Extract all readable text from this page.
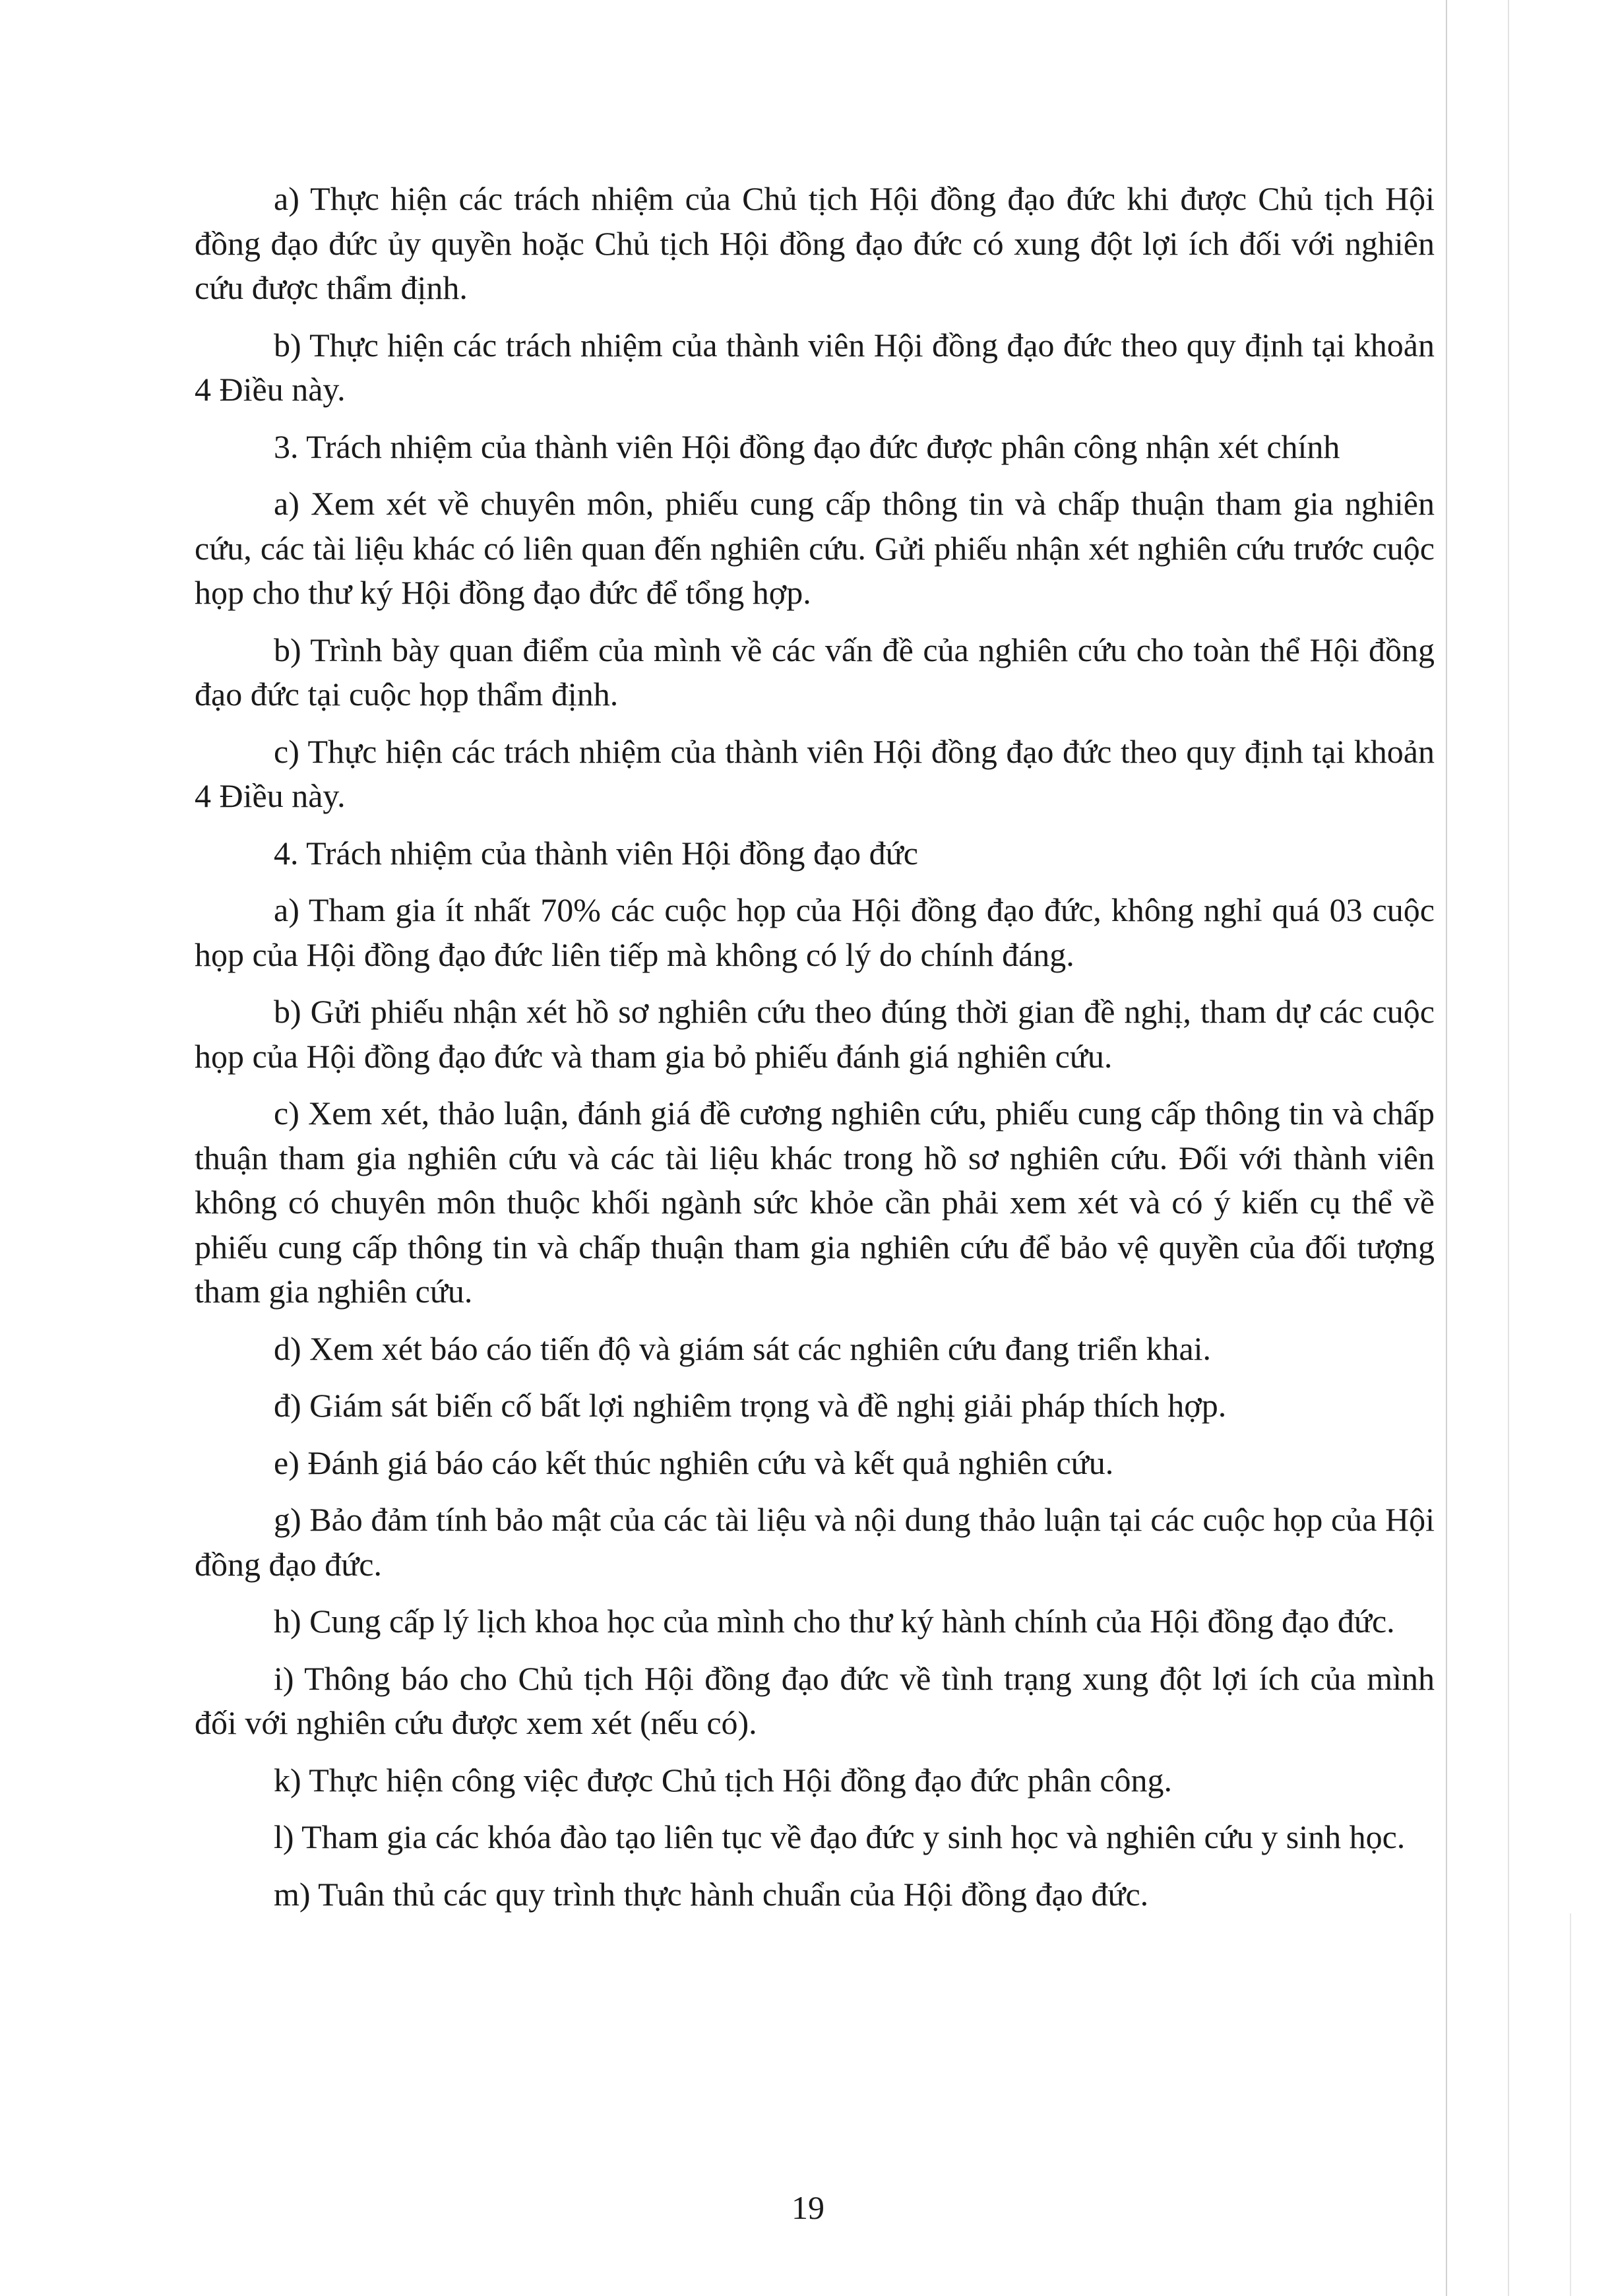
a) Thực hiện các trách nhiệm của Chủ tịch Hội đồng đạo đức khi được Chủ tịch Hội đồng đạo đức ủy quyền hoặc Chủ tịch Hội đồng đạo đức có xung đột lợi ích đối với nghiên cứu được thẩm định.

b) Thực hiện các trách nhiệm của thành viên Hội đồng đạo đức theo quy định tại khoản 4 Điều này.

3. Trách nhiệm của thành viên Hội đồng đạo đức được phân công nhận xét chính

a) Xem xét về chuyên môn, phiếu cung cấp thông tin và chấp thuận tham gia nghiên cứu, các tài liệu khác có liên quan đến nghiên cứu. Gửi phiếu nhận xét nghiên cứu trước cuộc họp cho thư ký Hội đồng đạo đức để tổng hợp.

b) Trình bày quan điểm của mình về các vấn đề của nghiên cứu cho toàn thể Hội đồng đạo đức tại cuộc họp thẩm định.

c) Thực hiện các trách nhiệm của thành viên Hội đồng đạo đức theo quy định tại khoản 4 Điều này.

4. Trách nhiệm của thành viên Hội đồng đạo đức

a) Tham gia ít nhất 70% các cuộc họp của Hội đồng đạo đức, không nghỉ quá 03 cuộc họp của Hội đồng đạo đức liên tiếp mà không có lý do chính đáng.

b) Gửi phiếu nhận xét hồ sơ nghiên cứu theo đúng thời gian đề nghị, tham dự các cuộc họp của Hội đồng đạo đức và tham gia bỏ phiếu đánh giá nghiên cứu.

c) Xem xét, thảo luận, đánh giá đề cương nghiên cứu, phiếu cung cấp thông tin và chấp thuận tham gia nghiên cứu và các tài liệu khác trong hồ sơ nghiên cứu. Đối với thành viên không có chuyên môn thuộc khối ngành sức khỏe cần phải xem xét và có ý kiến cụ thể về phiếu cung cấp thông tin và chấp thuận tham gia nghiên cứu để bảo vệ quyền của đối tượng tham gia nghiên cứu.

d) Xem xét báo cáo tiến độ và giám sát các nghiên cứu đang triển khai.

đ) Giám sát biến cố bất lợi nghiêm trọng và đề nghị giải pháp thích hợp.

e) Đánh giá báo cáo kết thúc nghiên cứu và kết quả nghiên cứu.

g) Bảo đảm tính bảo mật của các tài liệu và nội dung thảo luận tại các cuộc họp của Hội đồng đạo đức.

h) Cung cấp lý lịch khoa học của mình cho thư ký hành chính của Hội đồng đạo đức.

i) Thông báo cho Chủ tịch Hội đồng đạo đức về tình trạng xung đột lợi ích của mình đối với nghiên cứu được xem xét (nếu có).

k) Thực hiện công việc được Chủ tịch Hội đồng đạo đức phân công.

l) Tham gia các khóa đào tạo liên tục về đạo đức y sinh học và nghiên cứu y sinh học.

m) Tuân thủ các quy trình thực hành chuẩn của Hội đồng đạo đức.

19
